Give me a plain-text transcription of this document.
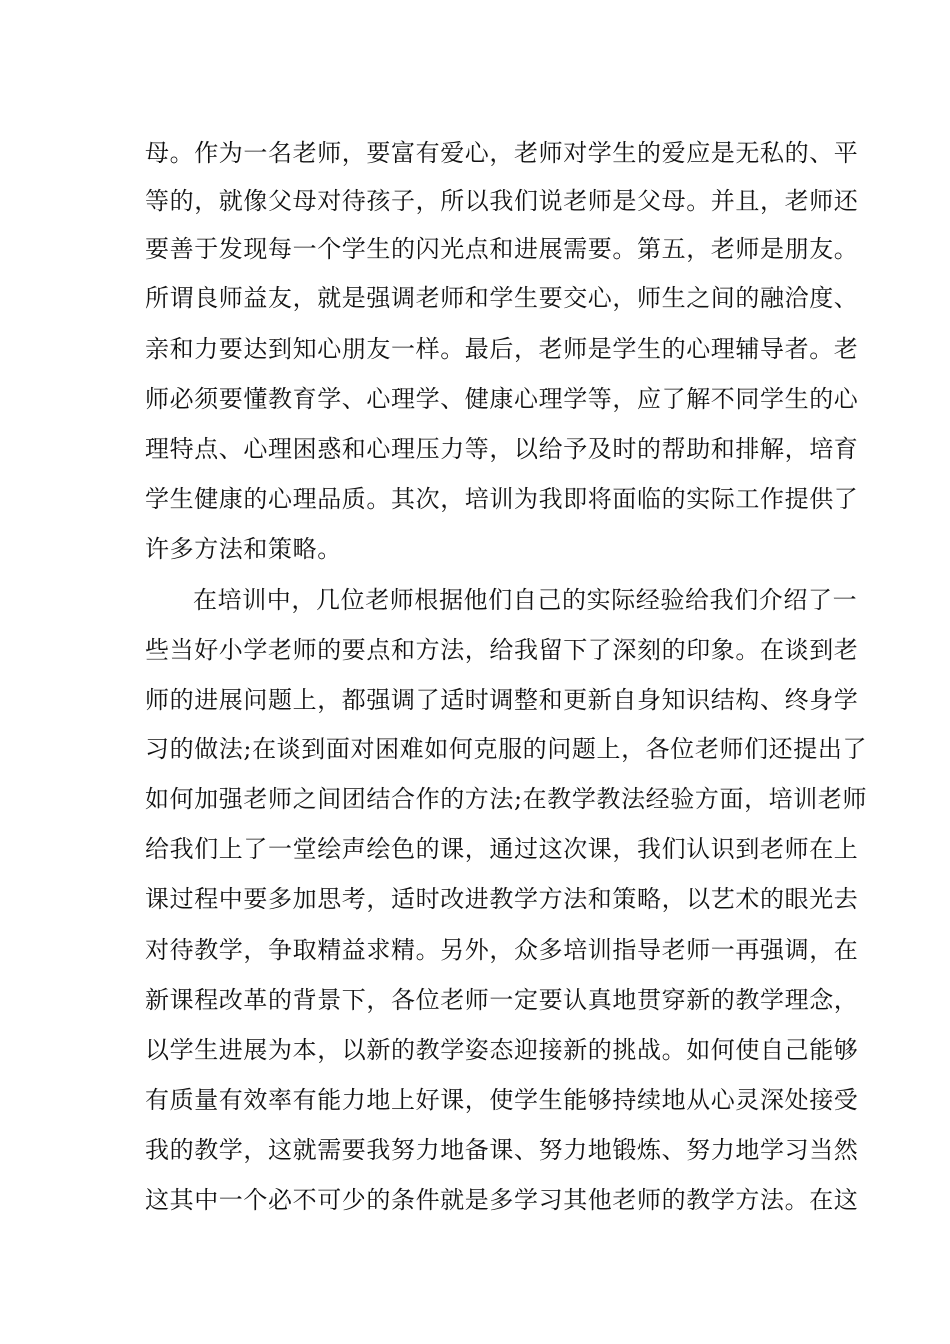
母。作为一名老师，要富有爱心，老师对学生的爱应是无私的、平
等的，就像父母对待孩子，所以我们说老师是父母。并且，老师还
要善于发现每一个学生的闪光点和进展需要。第五，老师是朋友。
所谓良师益友，就是强调老师和学生要交心，师生之间的融洽度、
亲和力要达到知心朋友一样。最后，老师是学生的心理辅导者。老
师必须要懂教育学、心理学、健康心理学等，应了解不同学生的心
理特点、心理困惑和心理压力等，以给予及时的帮助和排解，培育
学生健康的心理品质。其次，培训为我即将面临的实际工作提供了
许多方法和策略。
在培训中，几位老师根据他们自己的实际经验给我们介绍了一
些当好小学老师的要点和方法，给我留下了深刻的印象。在谈到老
师的进展问题上，都强调了适时调整和更新自身知识结构、终身学
习的做法;在谈到面对困难如何克服的问题上，各位老师们还提出了
如何加强老师之间团结合作的方法;在教学教法经验方面，培训老师
给我们上了一堂绘声绘色的课，通过这次课，我们认识到老师在上
课过程中要多加思考，适时改进教学方法和策略，以艺术的眼光去
对待教学，争取精益求精。另外，众多培训指导老师一再强调，在
新课程改革的背景下，各位老师一定要认真地贯穿新的教学理念，
以学生进展为本，以新的教学姿态迎接新的挑战。如何使自己能够
有质量有效率有能力地上好课，使学生能够持续地从心灵深处接受
我的教学，这就需要我努力地备课、努力地锻炼、努力地学习当然
这其中一个必不可少的条件就是多学习其他老师的教学方法。在这
